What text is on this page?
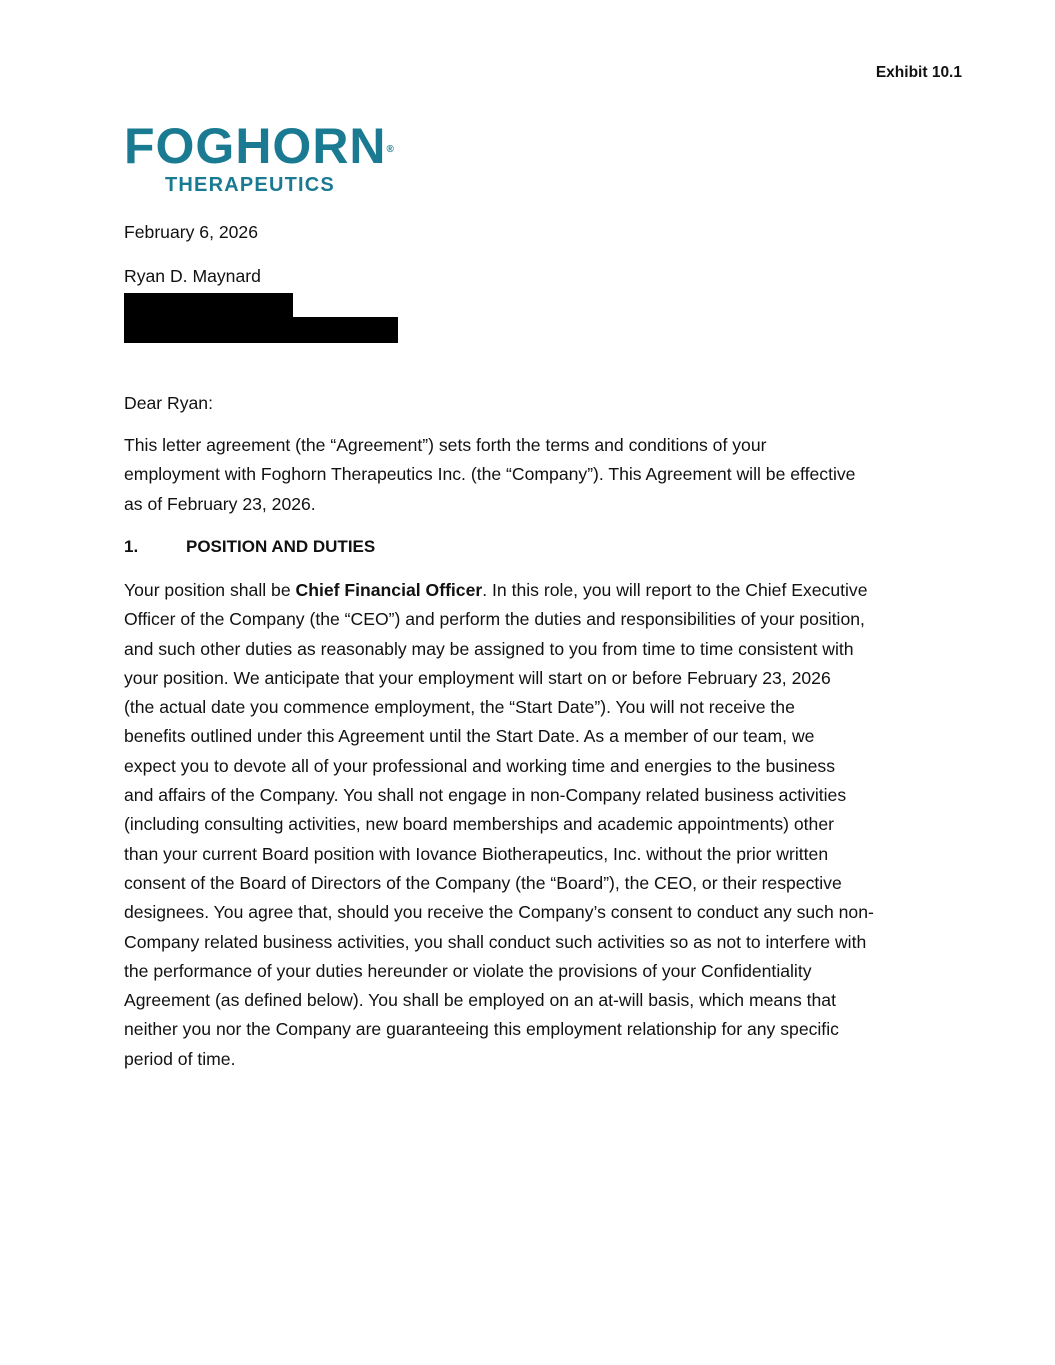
Exhibit 10.1
FOGHORN®
THERAPEUTICS
February 6, 2026
Ryan D. Maynard
Dear Ryan:
This letter agreement (the “Agreement”) sets forth the terms and conditions of your
employment with Foghorn Therapeutics Inc. (the “Company”). This Agreement will be effective
as of February 23, 2026.
1.	POSITION AND DUTIES
Your position shall be Chief Financial Officer. In this role, you will report to the Chief Executive
Officer of the Company (the “CEO”) and perform the duties and responsibilities of your position,
and such other duties as reasonably may be assigned to you from time to time consistent with
your position. We anticipate that your employment will start on or before February 23, 2026
(the actual date you commence employment, the “Start Date”). You will not receive the
benefits outlined under this Agreement until the Start Date. As a member of our team, we
expect you to devote all of your professional and working time and energies to the business
and affairs of the Company. You shall not engage in non-Company related business activities
(including consulting activities, new board memberships and academic appointments) other
than your current Board position with Iovance Biotherapeutics, Inc. without the prior written
consent of the Board of Directors of the Company (the “Board”), the CEO, or their respective
designees. You agree that, should you receive the Company’s consent to conduct any such non-
Company related business activities, you shall conduct such activities so as not to interfere with
the performance of your duties hereunder or violate the provisions of your Confidentiality
Agreement (as defined below). You shall be employed on an at-will basis, which means that
neither you nor the Company are guaranteeing this employment relationship for any specific
period of time.
